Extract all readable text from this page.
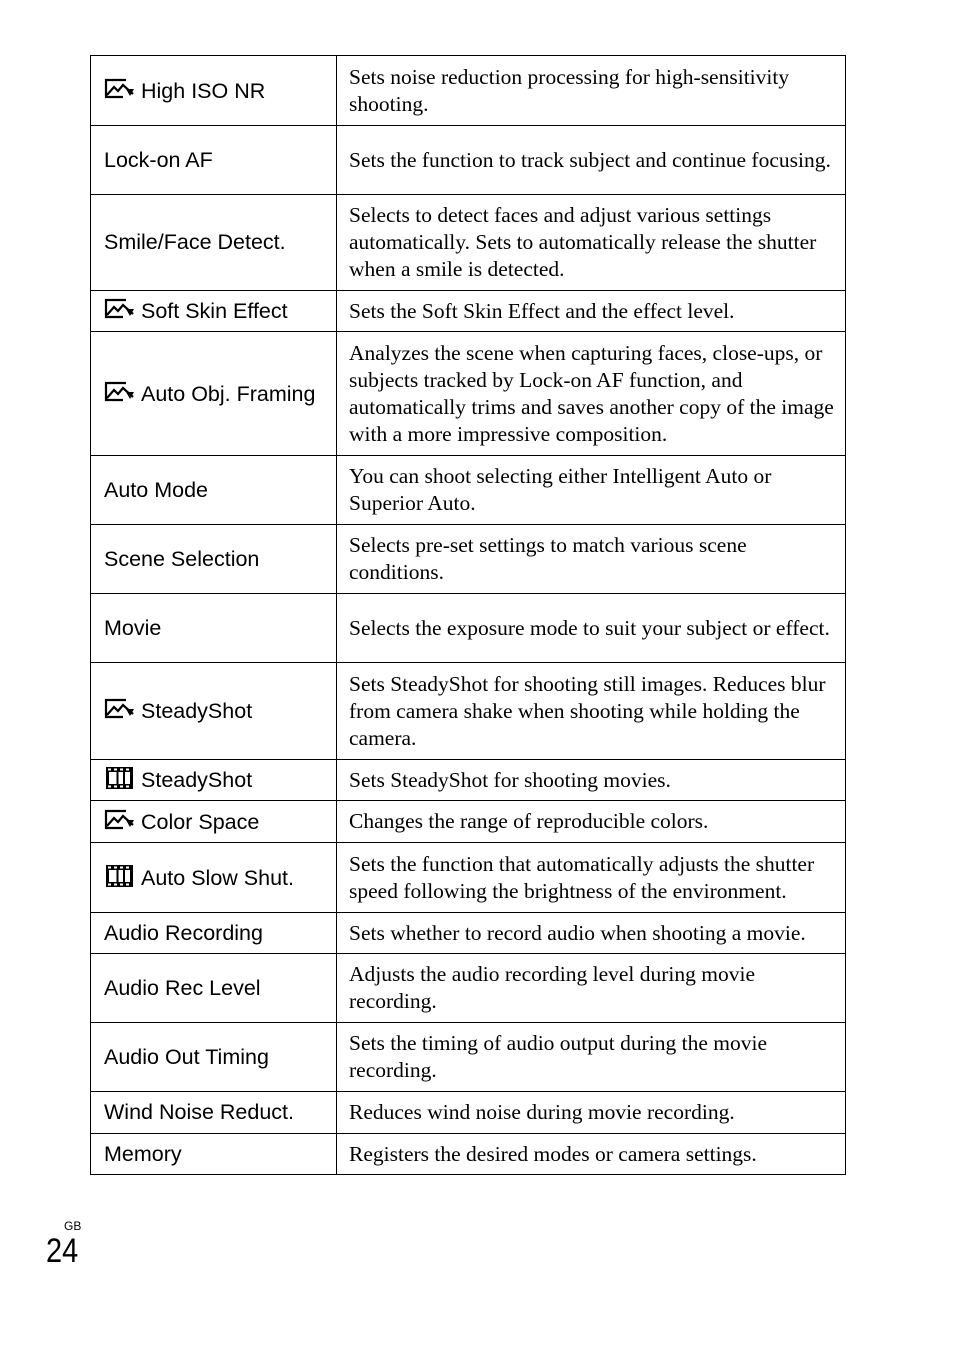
High ISO NR	Sets noise reduction processing for high-sensitivity shooting.
Lock-on AF	Sets the function to track subject and continue focusing.
Smile/Face Detect.	Selects to detect faces and adjust various settings automatically. Sets to automatically release the shutter when a smile is detected.

Soft Skin Effect	Sets the Soft Skin Effect and the effect level.

Auto Obj. Framing	Analyzes the scene when capturing faces, close-ups, or subjects tracked by Lock-on AF function, and automatically trims and saves another copy of the image with a more impressive composition.
Auto Mode	You can shoot selecting either Intelligent Auto or Superior Auto.
Scene Selection	Selects pre-set settings to match various scene conditions.
Movie	Selects the exposure mode to suit your subject or effect.

SteadyShot	Sets SteadyShot for shooting still images. Reduces blur from camera shake when shooting while holding the camera.

SteadyShot	Sets SteadyShot for shooting movies.

Color Space	Changes the range of reproducible colors.

Auto Slow Shut.	Sets the function that automatically adjusts the shutter speed following the brightness of the environment.
Audio Recording	Sets whether to record audio when shooting a movie.
Audio Rec Level	Adjusts the audio recording level during movie recording.
Audio Out Timing	Sets the timing of audio output during the movie recording.
Wind Noise Reduct.	Reduces wind noise during movie recording.
Memory	Registers the desired modes or camera settings.
GB
24
